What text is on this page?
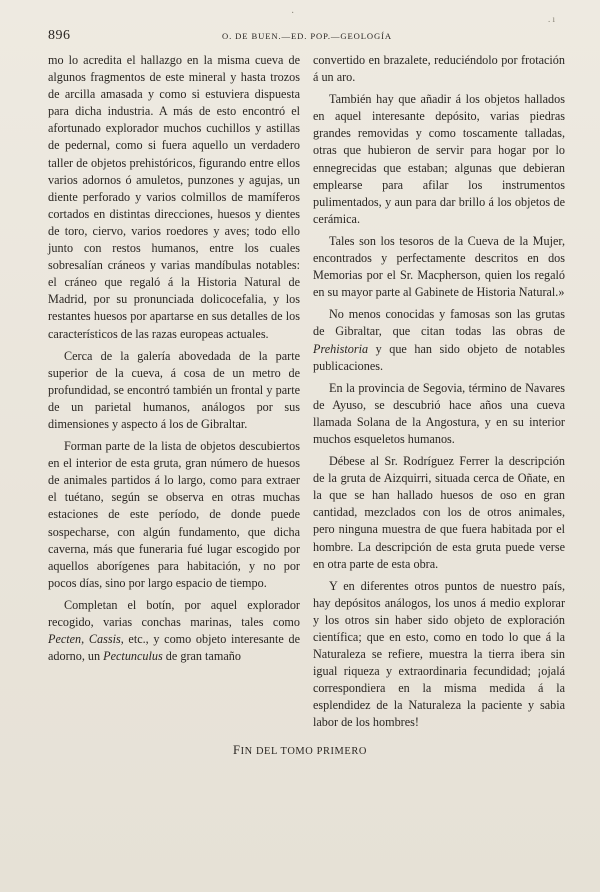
896	O. DE BUEN.—ED. POP.—GEOLOGÍA
·	. ı

mo lo acredita el hallazgo en la misma cueva de algunos fragmentos de este mineral y hasta trozos de arcilla amasada y como si estuviera dispuesta para dicha industria. A más de esto encontró el afortunado explorador muchos cuchillos y astillas de pedernal, como si fuera aquello un verdadero taller de objetos prehistóricos, figurando entre ellos varios adornos ó amuletos, punzones y agujas, un diente perforado y varios colmillos de mamíferos cortados en distintas direcciones, huesos y dientes de toro, ciervo, varios roedores y aves; todo ello junto con restos humanos, entre los cuales sobresalían cráneos y varias mandíbulas notables: el cráneo que regaló á la Historia Natural de Madrid, por su pronunciada dolicocefalia, y los restantes huesos por apartarse en sus detalles de los característicos de las razas europeas actuales.

Cerca de la galería abovedada de la parte superior de la cueva, á cosa de un metro de profundidad, se encontró también un frontal y parte de un parietal humanos, análogos por sus dimensiones y aspecto á los de Gibraltar.

Forman parte de la lista de objetos descubiertos en el interior de esta gruta, gran número de huesos de animales partidos á lo largo, como para extraer el tuétano, según se observa en otras muchas estaciones de este período, de donde puede sospecharse, con algún fundamento, que dicha caverna, más que funeraria fué lugar escogido por aquellos aborígenes para habitación, y no por pocos días, sino por largo espacio de tiempo.

Completan el botín, por aquel explorador recogido, varias conchas marinas, tales como Pecten, Cassis, etc., y como objeto interesante de adorno, un Pectunculus de gran tamaño

convertido en brazalete, reduciéndolo por frotación á un aro.

También hay que añadir á los objetos hallados en aquel interesante depósito, varias piedras grandes removidas y como toscamente talladas, otras que hubieron de servir para hogar por lo ennegrecidas que estaban; algunas que debieran emplearse para afilar los instrumentos pulimentados, y aun para dar brillo á los objetos de cerámica.

Tales son los tesoros de la Cueva de la Mujer, encontrados y perfectamente descritos en dos Memorias por el Sr. Macpherson, quien los regaló en su mayor parte al Gabinete de Historia Natural.»

No menos conocidas y famosas son las grutas de Gibraltar, que citan todas las obras de Prehistoria y que han sido objeto de notables publicaciones.

En la provincia de Segovia, término de Navares de Ayuso, se descubrió hace años una cueva llamada Solana de la Angostura, y en su interior muchos esqueletos humanos.

Débese al Sr. Rodríguez Ferrer la descripción de la gruta de Aizquirri, situada cerca de Oñate, en la que se han hallado huesos de oso en gran cantidad, mezclados con los de otros animales, pero ninguna muestra de que fuera habitada por el hombre. La descripción de esta gruta puede verse en otra parte de esta obra.

Y en diferentes otros puntos de nuestro país, hay depósitos análogos, los unos á medio explorar y los otros sin haber sido objeto de exploración científica; que en esto, como en todo lo que á la Naturaleza se refiere, muestra la tierra ibera sin igual riqueza y extraordinaria fecundidad; ¡ojalá correspondiera en la misma medida á la esplendidez de la Naturaleza la paciente y sabia labor de los hombres!

FIN DEL TOMO PRIMERO
